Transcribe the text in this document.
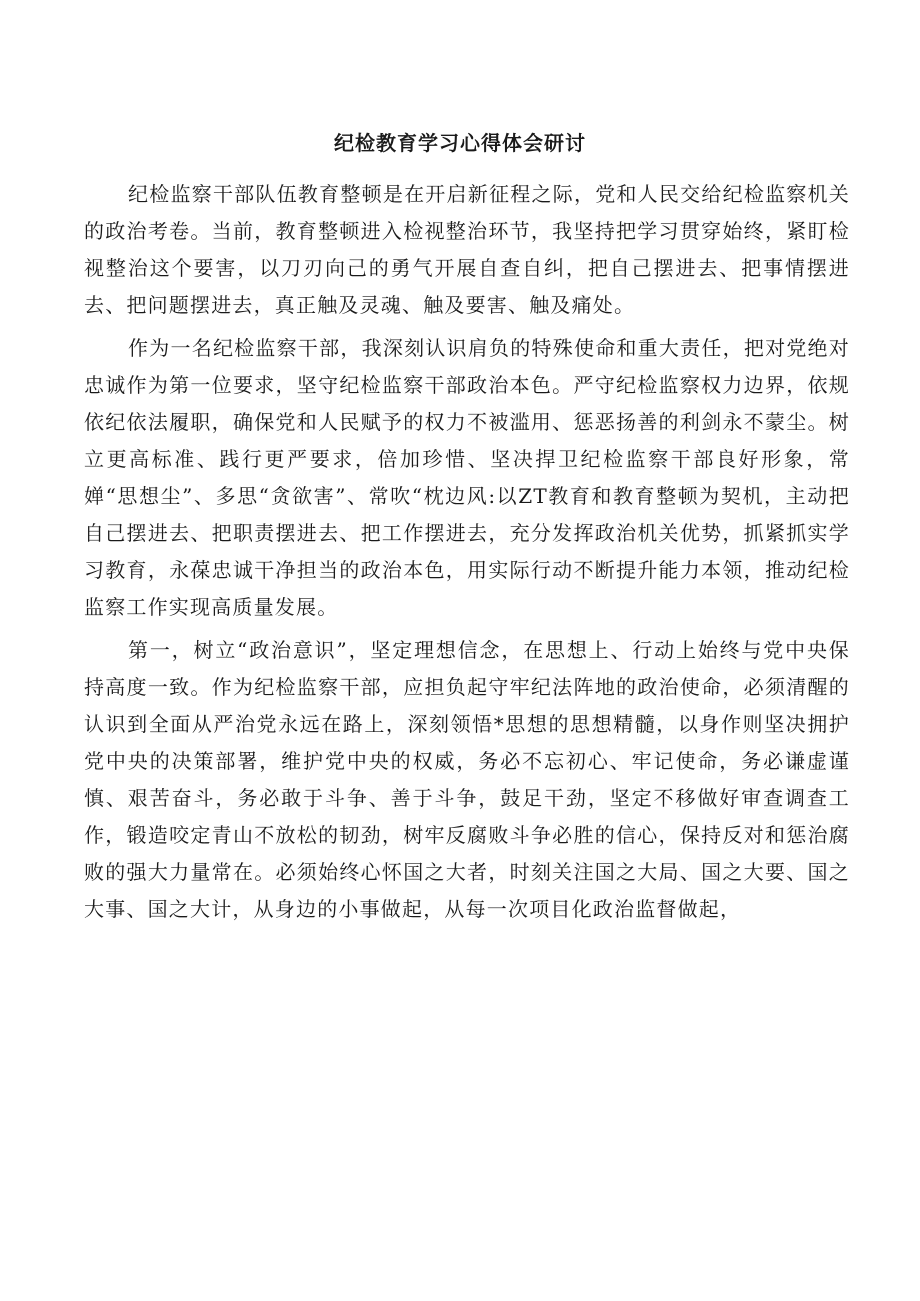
纪检教育学习心得体会研讨

纪检监察干部队伍教育整顿是在开启新征程之际，党和人民交给纪检监察机关的政治考卷。当前，教育整顿进入检视整治环节，我坚持把学习贯穿始终，紧盯检视整治这个要害，以刀刃向己的勇气开展自查自纠，把自己摆进去、把事情摆进去、把问题摆进去，真正触及灵魂、触及要害、触及痛处。

作为一名纪检监察干部，我深刻认识肩负的特殊使命和重大责任，把对党绝对忠诚作为第一位要求，坚守纪检监察干部政治本色。严守纪检监察权力边界，依规依纪依法履职，确保党和人民赋予的权力不被滥用、惩恶扬善的利剑永不蒙尘。树立更高标准、践行更严要求，倍加珍惜、坚决捍卫纪检监察干部良好形象，常婵“思想尘”、多思“贪欲害”、常吹“枕边风:以ZT教育和教育整顿为契机，主动把自己摆进去、把职责摆进去、把工作摆进去，充分发挥政治机关优势，抓紧抓实学习教育，永葆忠诚干净担当的政治本色，用实际行动不断提升能力本领，推动纪检监察工作实现高质量发展。

第一，树立“政治意识”，坚定理想信念，在思想上、行动上始终与党中央保持高度一致。作为纪检监察干部，应担负起守牢纪法阵地的政治使命，必须清醒的认识到全面从严治党永远在路上，深刻领悟*思想的思想精髓，以身作则坚决拥护党中央的决策部署，维护党中央的权威，务必不忘初心、牢记使命，务必谦虚谨慎、艰苦奋斗，务必敢于斗争、善于斗争，鼓足干劲，坚定不移做好审查调查工作，锻造咬定青山不放松的韧劲，树牢反腐败斗争必胜的信心，保持反对和惩治腐败的强大力量常在。必须始终心怀国之大者，时刻关注国之大局、国之大要、国之大事、国之大计，从身边的小事做起，从每一次项目化政治监督做起，
